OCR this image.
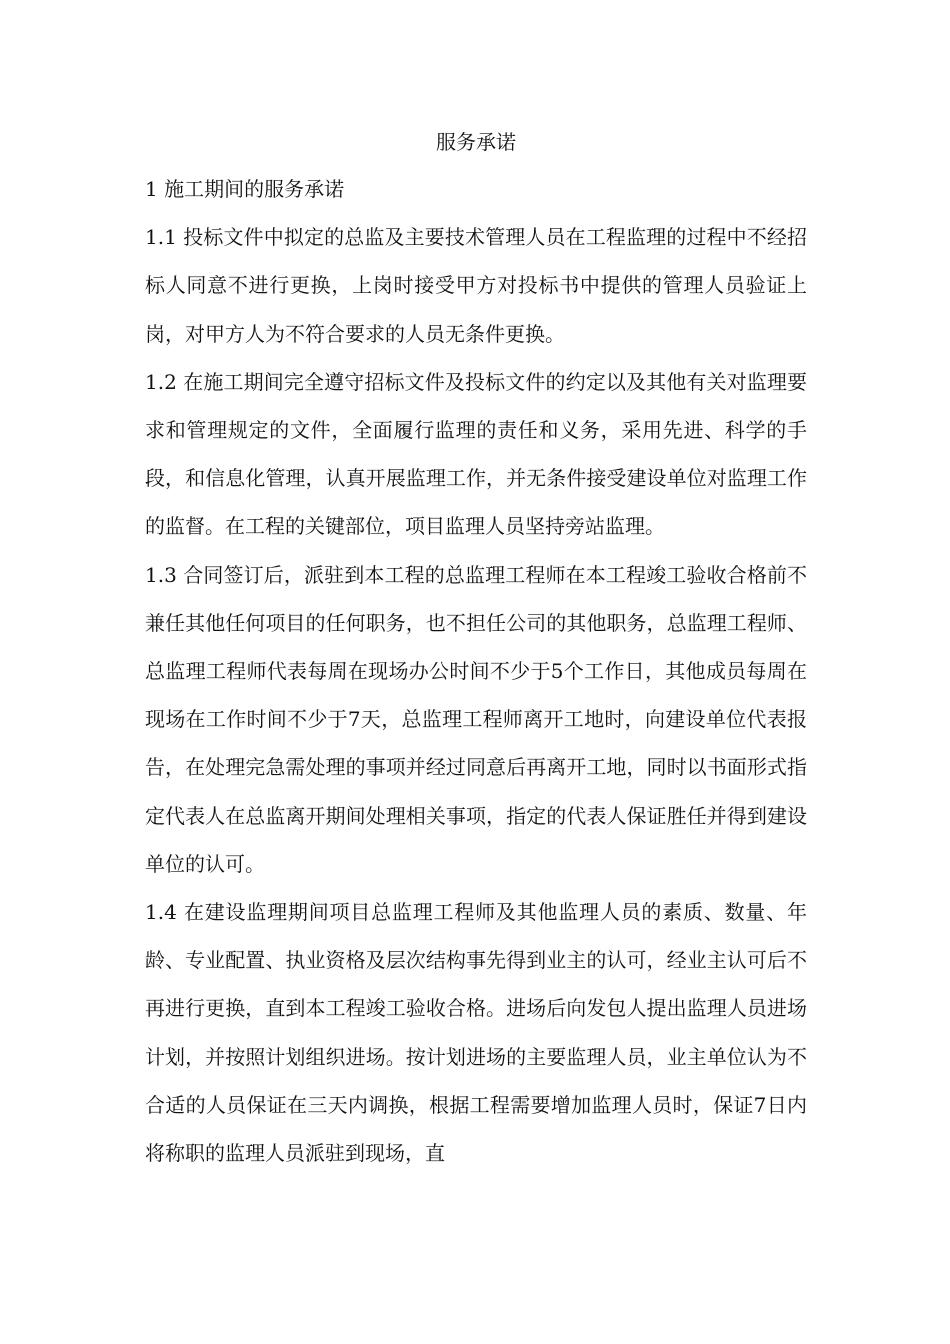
服务承诺

1 施工期间的服务承诺

1.1 投标文件中拟定的总监及主要技术管理人员在工程监理的过程中不经招标人同意不进行更换，上岗时接受甲方对投标书中提供的管理人员验证上岗，对甲方人为不符合要求的人员无条件更换。

1.2 在施工期间完全遵守招标文件及投标文件的约定以及其他有关对监理要求和管理规定的文件，全面履行监理的责任和义务，采用先进、科学的手段，和信息化管理，认真开展监理工作，并无条件接受建设单位对监理工作的监督。在工程的关键部位，项目监理人员坚持旁站监理。

1.3 合同签订后，派驻到本工程的总监理工程师在本工程竣工验收合格前不兼任其他任何项目的任何职务，也不担任公司的其他职务，总监理工程师、总监理工程师代表每周在现场办公时间不少于5个工作日，其他成员每周在现场在工作时间不少于7天，总监理工程师离开工地时，向建设单位代表报告，在处理完急需处理的事项并经过同意后再离开工地，同时以书面形式指定代表人在总监离开期间处理相关事项，指定的代表人保证胜任并得到建设单位的认可。

1.4 在建设监理期间项目总监理工程师及其他监理人员的素质、数量、年龄、专业配置、执业资格及层次结构事先得到业主的认可，经业主认可后不再进行更换，直到本工程竣工验收合格。进场后向发包人提出监理人员进场计划，并按照计划组织进场。按计划进场的主要监理人员，业主单位认为不合适的人员保证在三天内调换，根据工程需要增加监理人员时，保证7日内将称职的监理人员派驻到现场，直
